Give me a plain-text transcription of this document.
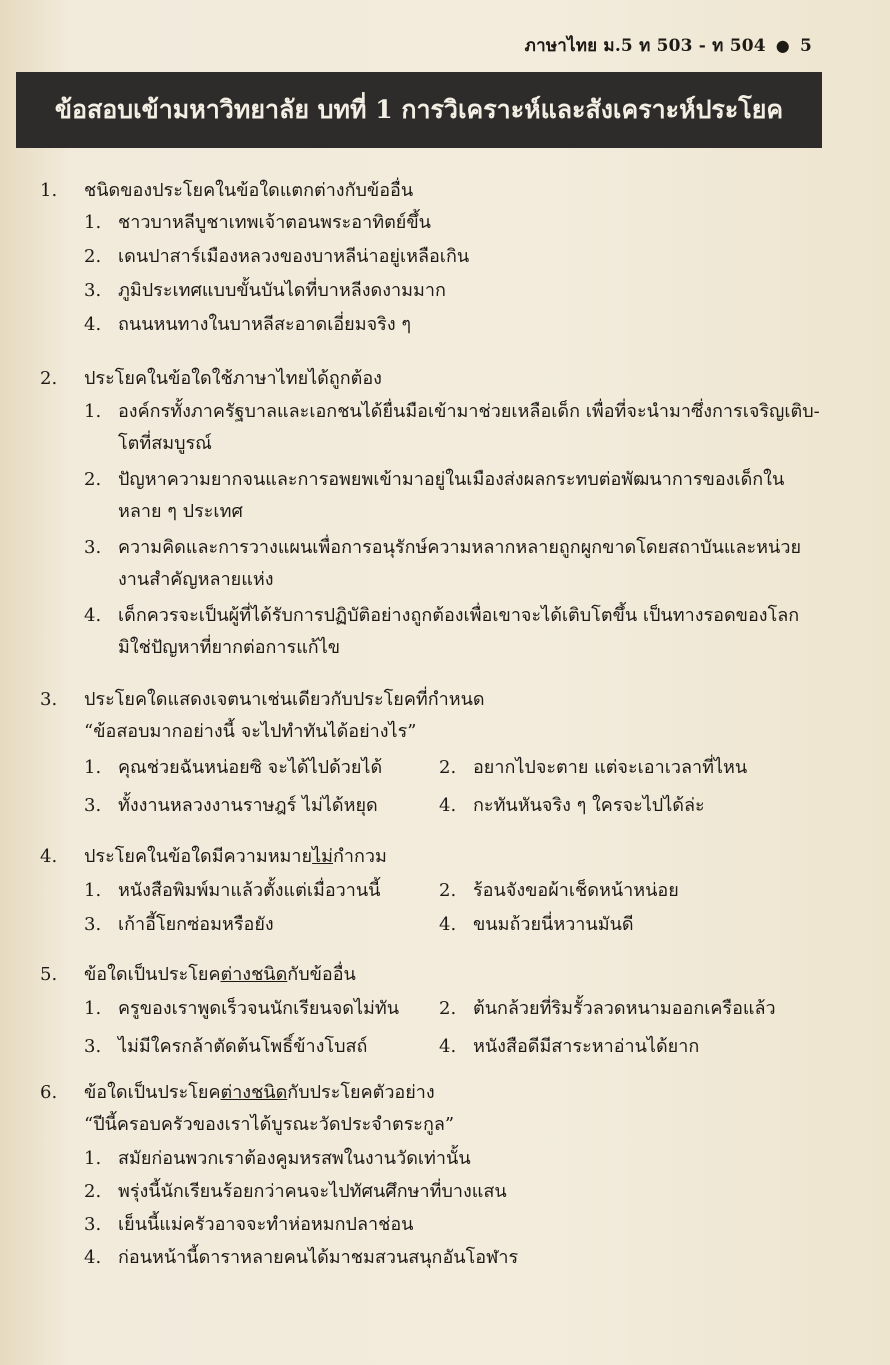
ภาษาไทย ม.5 ท 503 - ท 504 ● 5
ข้อสอบเข้ามหาวิทยาลัย บทที่ 1 การวิเคราะห์และสังเคราะห์ประโยค
1.	ชนิดของประโยคในข้อใดแตกต่างกับข้ออื่น
1. ชาวบาหลีบูชาเทพเจ้าตอนพระอาทิตย์ขึ้น
2. เดนปาสาร์เมืองหลวงของบาหลีน่าอยู่เหลือเกิน
3. ภูมิประเทศแบบขั้นบันไดที่บาหลีงดงามมาก
4. ถนนหนทางในบาหลีสะอาดเอี่ยมจริง ๆ
2.	ประโยคในข้อใดใช้ภาษาไทยได้ถูกต้อง
1. องค์กรทั้งภาครัฐบาลและเอกชนได้ยื่นมือเข้ามาช่วยเหลือเด็ก เพื่อที่จะนำมาซึ่งการเจริญเติบ-
โตที่สมบูรณ์
2. ปัญหาความยากจนและการอพยพเข้ามาอยู่ในเมืองส่งผลกระทบต่อพัฒนาการของเด็กใน
หลาย ๆ ประเทศ
3. ความคิดและการวางแผนเพื่อการอนุรักษ์ความหลากหลายถูกผูกขาดโดยสถาบันและหน่วย
งานสำคัญหลายแห่ง
4. เด็กควรจะเป็นผู้ที่ได้รับการปฏิบัติอย่างถูกต้องเพื่อเขาจะได้เติบโตขึ้น เป็นทางรอดของโลก
มิใช่ปัญหาที่ยากต่อการแก้ไข
3.	ประโยคใดแสดงเจตนาเช่นเดียวกับประโยคที่กำหนด
“ข้อสอบมากอย่างนี้ จะไปทำทันได้อย่างไร”
1. คุณช่วยฉันหน่อยซิ จะได้ไปด้วยได้	2. อยากไปจะตาย แต่จะเอาเวลาที่ไหน
3. ทั้งงานหลวงงานราษฎร์ ไม่ได้หยุด	4. กะทันหันจริง ๆ ใครจะไปได้ล่ะ
4.	ประโยคในข้อใดมีความหมายไม่กำกวม
1. หนังสือพิมพ์มาแล้วตั้งแต่เมื่อวานนี้	2. ร้อนจังขอผ้าเช็ดหน้าหน่อย
3. เก้าอี้โยกซ่อมหรือยัง	4. ขนมถ้วยนี่หวานมันดี
5.	ข้อใดเป็นประโยคต่างชนิดกับข้ออื่น
1. ครูของเราพูดเร็วจนนักเรียนจดไม่ทัน	2. ต้นกล้วยที่ริมรั้วลวดหนามออกเครือแล้ว
3. ไม่มีใครกล้าตัดต้นโพธิ์ข้างโบสถ์	4. หนังสือดีมีสาระหาอ่านได้ยาก
6.	ข้อใดเป็นประโยคต่างชนิดกับประโยคตัวอย่าง
“ปีนี้ครอบครัวของเราได้บูรณะวัดประจำตระกูล”
1. สมัยก่อนพวกเราต้องคูมหรสพในงานวัดเท่านั้น
2. พรุ่งนี้นักเรียนร้อยกว่าคนจะไปทัศนศึกษาที่บางแสน
3. เย็นนี้แม่ครัวอาจจะทำห่อหมกปลาช่อน
4. ก่อนหน้านี้ดาราหลายคนได้มาชมสวนสนุกอันโอฬาร
